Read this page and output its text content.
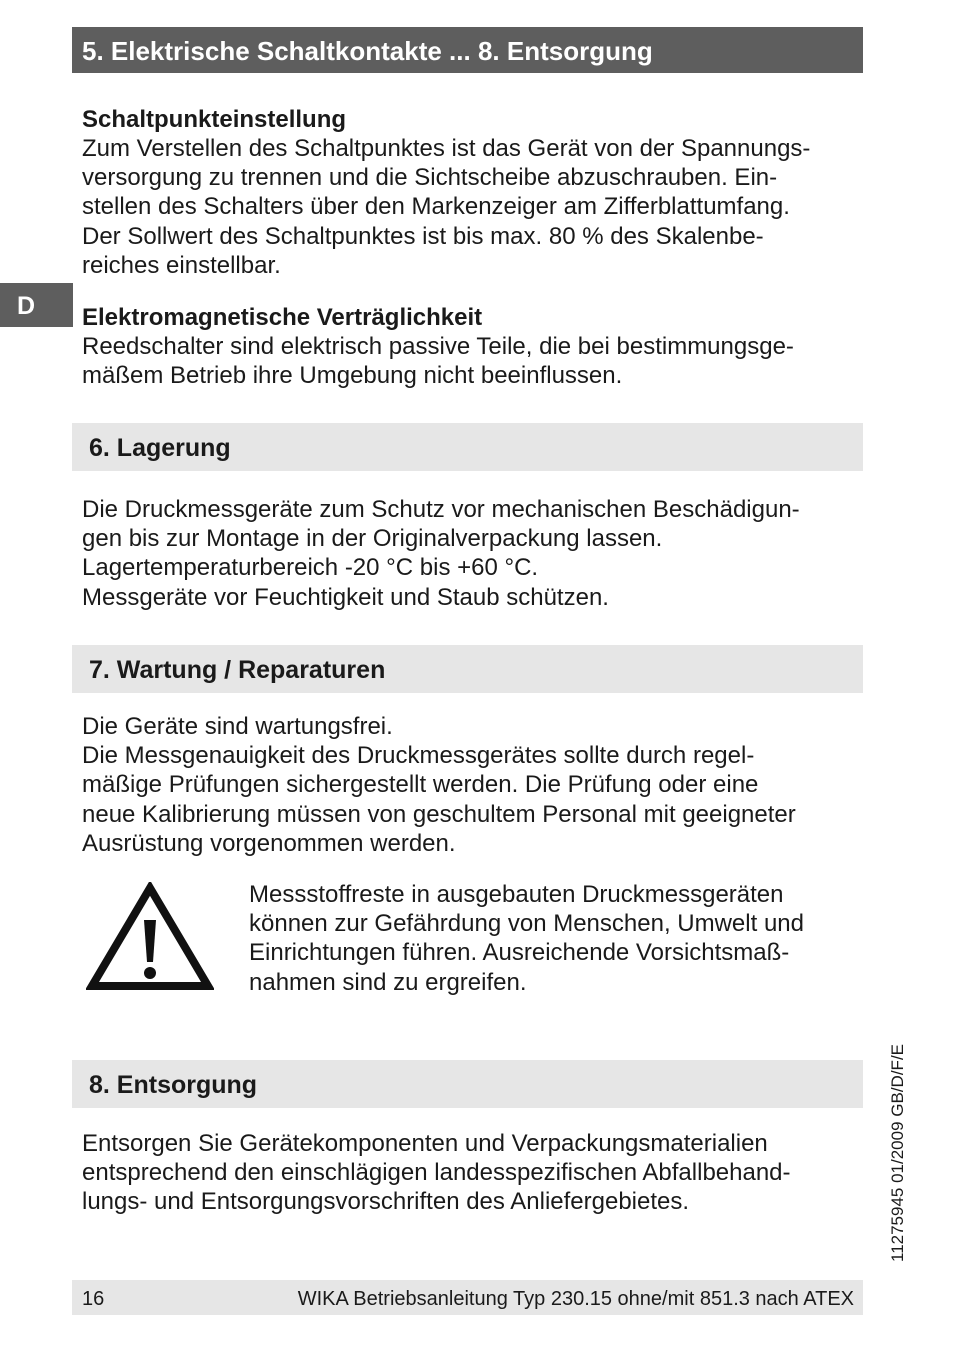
5. Elektrische Schaltkontakte ... 8. Entsorgung
D
Schaltpunkteinstellung

Zum Verstellen des Schaltpunktes ist das Gerät von der Spannungs-
versorgung zu trennen und die Sichtscheibe abzuschrauben. Ein-
stellen des Schalters über den Markenzeiger am Zifferblattumfang.
Der Sollwert des Schaltpunktes ist bis max. 80 % des Skalenbe-
reiches einstellbar.

Elektromagnetische Verträglichkeit

Reedschalter sind elektrisch passive Teile, die bei bestimmungsge-
mäßem Betrieb ihre Umgebung nicht beeinflussen.

6. Lagerung

Die Druckmessgeräte zum Schutz vor mechanischen Beschädigun-
gen bis zur Montage in der Originalverpackung lassen.
Lagertemperaturbereich -20 °C bis +60 °C.
Messgeräte vor Feuchtigkeit und Staub schützen.

7. Wartung / Reparaturen

Die Geräte sind wartungsfrei.
Die Messgenauigkeit des Druckmessgerätes sollte durch regel-
mäßige Prüfungen sichergestellt werden. Die Prüfung oder eine
neue Kalibrierung müssen von geschultem Personal mit geeigneter
Ausrüstung vorgenommen werden.

Messstoffreste in ausgebauten Druckmessgeräten
können zur Gefährdung von Menschen, Umwelt und
Einrichtungen führen. Ausreichende Vorsichtsmaß-
nahmen sind zu ergreifen.

8. Entsorgung

Entsorgen Sie Gerätekomponenten und Verpackungsmaterialien
entsprechend den einschlägigen landesspezifischen Abfallbehand-
lungs- und Entsorgungsvorschriften des Anliefergebietes.	11275945 01/2009 GB/D/F/E
16	WIKA Betriebsanleitung Typ 230.15 ohne/mit 851.3 nach ATEX
